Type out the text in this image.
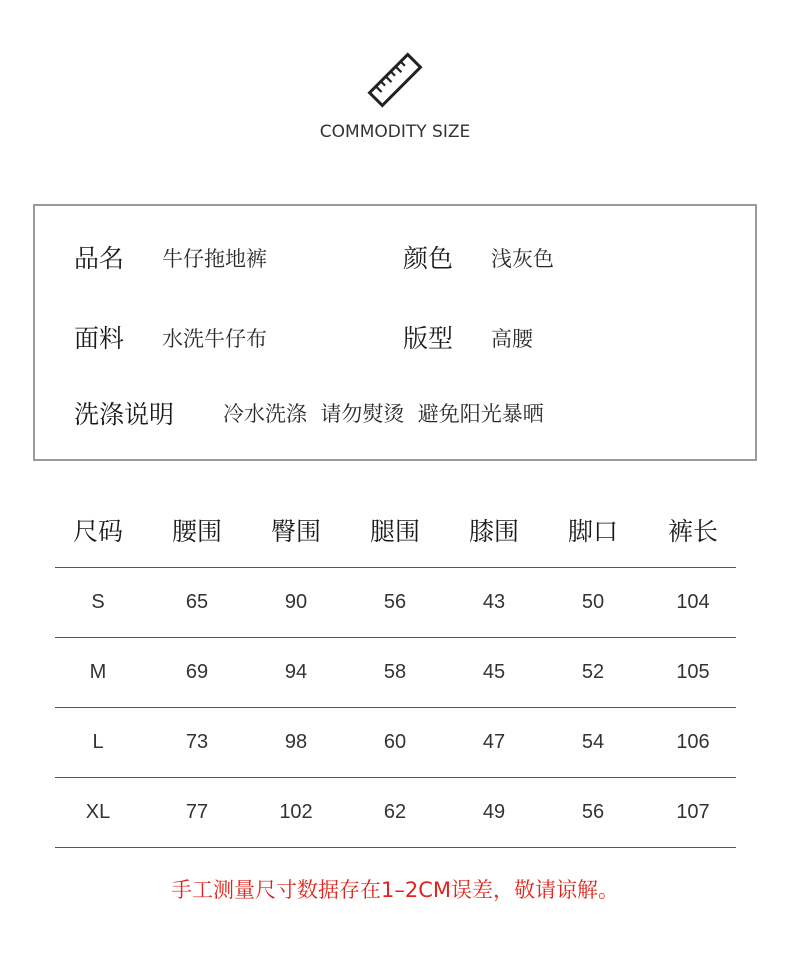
COMMODITY SIZE
品名 牛仔拖地裤	颜色 浅灰色
面料 水洗牛仔布	版型 高腰
洗涤说明 冷水洗涤  请勿熨烫  避免阳光暴晒
尺码	腰围	臀围	腿围	膝围	脚口	裤长
S	65	90	56	43	50	104
M	69	94	58	45	52	105
L	73	98	60	47	54	106
XL	77	102	62	49	56	107
手工测量尺寸数据存在1–2CM误差，敬请谅解。
